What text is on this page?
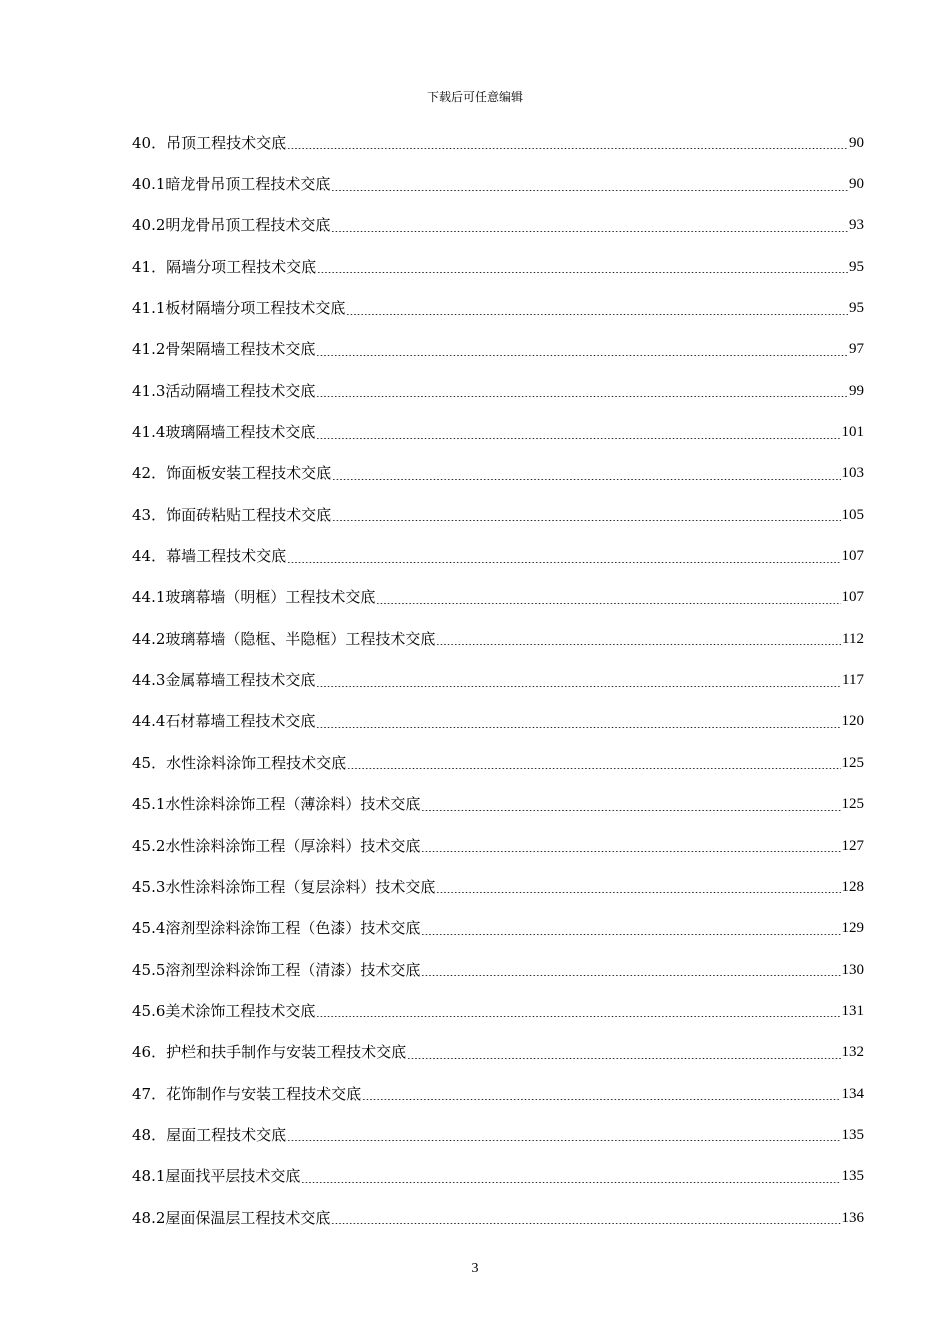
下载后可任意编辑
40．吊顶工程技术交底	90
40.1暗龙骨吊顶工程技术交底	90
40.2明龙骨吊顶工程技术交底	93
41．隔墙分项工程技术交底	95
41.1板材隔墙分项工程技术交底	95
41.2骨架隔墙工程技术交底	97
41.3活动隔墙工程技术交底	99
41.4玻璃隔墙工程技术交底	101
42．饰面板安装工程技术交底	103
43．饰面砖粘贴工程技术交底	105
44．幕墙工程技术交底	107
44.1玻璃幕墙（明框）工程技术交底	107
44.2玻璃幕墙（隐框、半隐框）工程技术交底	112
44.3金属幕墙工程技术交底	117
44.4石材幕墙工程技术交底	120
45．水性涂料涂饰工程技术交底	125
45.1水性涂料涂饰工程（薄涂料）技术交底	125
45.2水性涂料涂饰工程（厚涂料）技术交底	127
45.3水性涂料涂饰工程（复层涂料）技术交底	128
45.4溶剂型涂料涂饰工程（色漆）技术交底	129
45.5溶剂型涂料涂饰工程（清漆）技术交底	130
45.6美术涂饰工程技术交底	131
46．护栏和扶手制作与安装工程技术交底	132
47．花饰制作与安装工程技术交底	134
48．屋面工程技术交底	135
48.1屋面找平层技术交底	135
48.2屋面保温层工程技术交底	136
3
